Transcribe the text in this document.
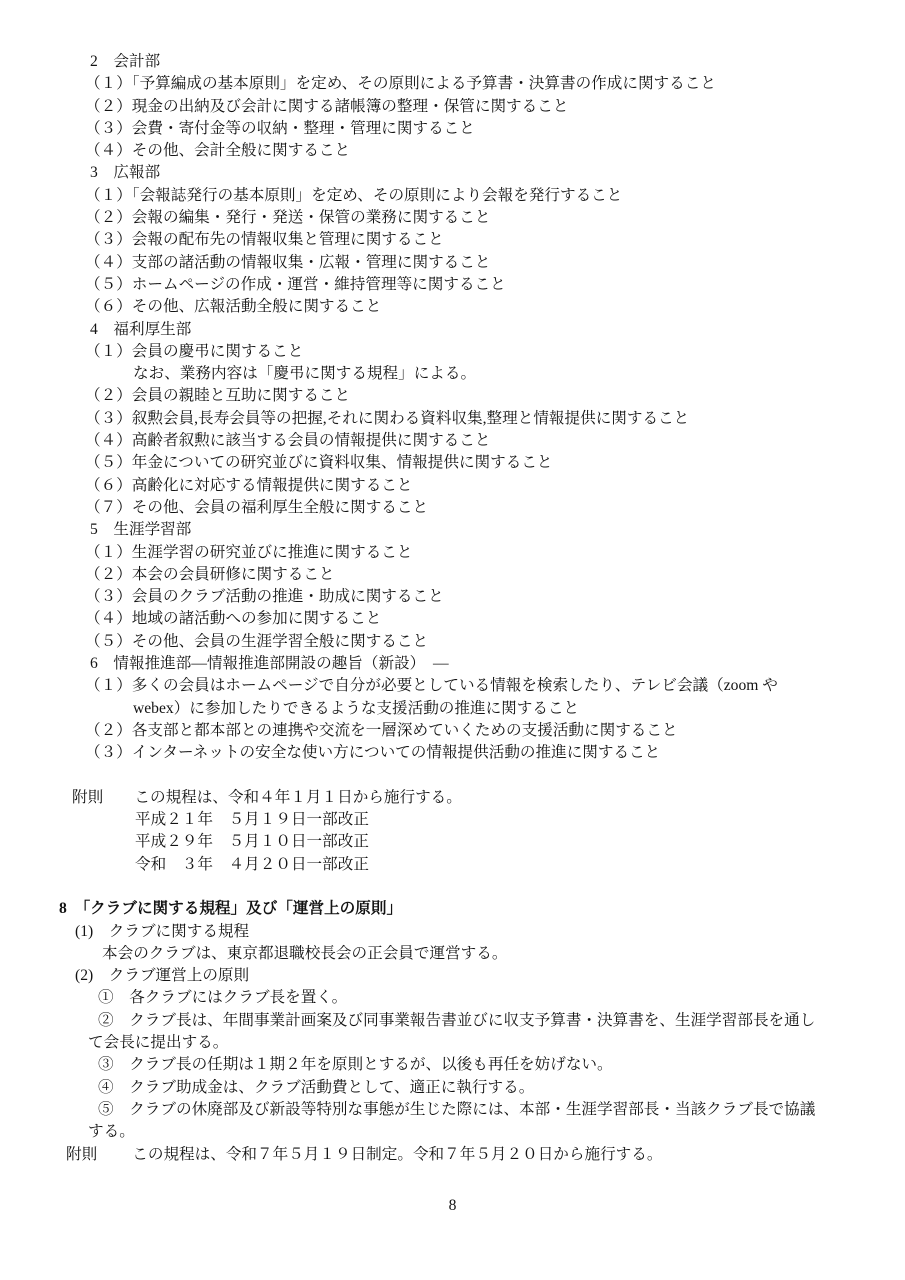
2　会計部
（１）「予算編成の基本原則」を定め、その原則による予算書・決算書の作成に関すること
（２）現金の出納及び会計に関する諸帳簿の整理・保管に関すること
（３）会費・寄付金等の収納・整理・管理に関すること
（４）その他、会計全般に関すること
3　広報部
（１）「会報誌発行の基本原則」を定め、その原則により会報を発行すること
（２）会報の編集・発行・発送・保管の業務に関すること
（３）会報の配布先の情報収集と管理に関すること
（４）支部の諸活動の情報収集・広報・管理に関すること
（５）ホームページの作成・運営・維持管理等に関すること
（６）その他、広報活動全般に関すること
4　福利厚生部
（１）会員の慶弔に関すること
なお、業務内容は「慶弔に関する規程」による。
（２）会員の親睦と互助に関すること
（３）叙勲会員,長寿会員等の把握,それに関わる資料収集,整理と情報提供に関すること
（４）高齢者叙勲に該当する会員の情報提供に関すること
（５）年金についての研究並びに資料収集、情報提供に関すること
（６）高齢化に対応する情報提供に関すること
（７）その他、会員の福利厚生全般に関すること
5　生涯学習部
（１）生涯学習の研究並びに推進に関すること
（２）本会の会員研修に関すること
（３）会員のクラブ活動の推進・助成に関すること
（４）地域の諸活動への参加に関すること
（５）その他、会員の生涯学習全般に関すること
6　情報推進部―情報推進部開設の趣旨（新設）　―
（１）多くの会員はホームページで自分が必要としている情報を検索したり、テレビ会議（zoom や
webex）に参加したりできるような支援活動の推進に関すること
（２）各支部と都本部との連携や交流を一層深めていくための支援活動に関すること
（３）インターネットの安全な使い方についての情報提供活動の推進に関すること
附則　　この規程は、令和４年１月１日から施行する。
平成２１年　５月１９日一部改正
平成２９年　５月１０日一部改正
令和　３年　４月２０日一部改正
8　「クラブに関する規程」及び「運営上の原則」
(1)　クラブに関する規程
本会のクラブは、東京都退職校長会の正会員で運営する。
(2)　クラブ運営上の原則
①　各クラブにはクラブ長を置く。
②　クラブ長は、年間事業計画案及び同事業報告書並びに収支予算書・決算書を、生涯学習部長を通し
て会長に提出する。
③　クラブ長の任期は１期２年を原則とするが、以後も再任を妨げない。
④　クラブ助成金は、クラブ活動費として、適正に執行する。
⑤　クラブの休廃部及び新設等特別な事態が生じた際には、本部・生涯学習部長・当該クラブ長で協議
する。
附則　　 この規程は、令和７年５月１９日制定。令和７年５月２０日から施行する。
8
